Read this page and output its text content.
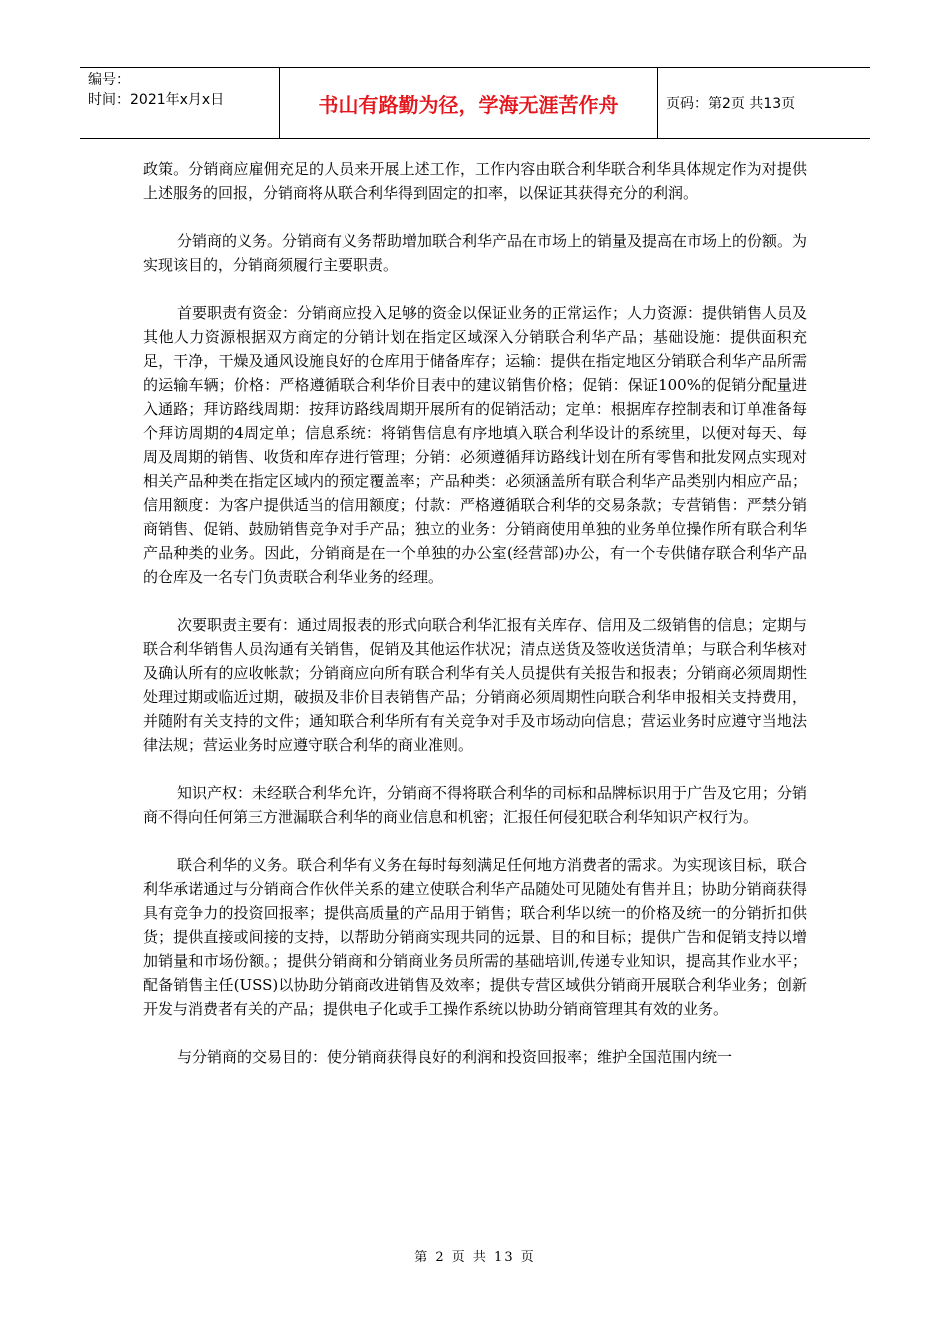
编号：
时间：2021年x月x日	书山有路勤为径，学海无涯苦作舟	页码：第2页 共13页

政策。分销商应雇佣充足的人员来开展上述工作，工作内容由联合利华联合利华具体规定作为对提供上述服务的回报，分销商将从联合利华得到固定的扣率，以保证其获得充分的利润。

分销商的义务。分销商有义务帮助增加联合利华产品在市场上的销量及提高在市场上的份额。为实现该目的，分销商须履行主要职责。

首要职责有资金：分销商应投入足够的资金以保证业务的正常运作；人力资源：提供销售人员及其他人力资源根据双方商定的分销计划在指定区域深入分销联合利华产品；基础设施：提供面积充足，干净，干燥及通风设施良好的仓库用于储备库存；运输：提供在指定地区分销联合利华产品所需的运输车辆；价格：严格遵循联合利华价目表中的建议销售价格；促销：保证100%的促销分配量进入通路；拜访路线周期：按拜访路线周期开展所有的促销活动；定单：根据库存控制表和订单准备每个拜访周期的4周定单；信息系统：将销售信息有序地填入联合利华设计的系统里，以便对每天、每周及周期的销售、收货和库存进行管理；分销：必须遵循拜访路线计划在所有零售和批发网点实现对相关产品种类在指定区域内的预定覆盖率；产品种类：必须涵盖所有联合利华产品类别内相应产品；信用额度：为客户提供适当的信用额度；付款：严格遵循联合利华的交易条款；专营销售：严禁分销商销售、促销、鼓励销售竞争对手产品；独立的业务：分销商使用单独的业务单位操作所有联合利华产品种类的业务。因此，分销商是在一个单独的办公室(经营部)办公，有一个专供储存联合利华产品的仓库及一名专门负责联合利华业务的经理。

次要职责主要有：通过周报表的形式向联合利华汇报有关库存、信用及二级销售的信息；定期与联合利华销售人员沟通有关销售，促销及其他运作状况；清点送货及签收送货清单；与联合利华核对及确认所有的应收帐款；分销商应向所有联合利华有关人员提供有关报告和报表；分销商必须周期性处理过期或临近过期，破损及非价目表销售产品；分销商必须周期性向联合利华申报相关支持费用，并随附有关支持的文件；通知联合利华所有有关竞争对手及市场动向信息；营运业务时应遵守当地法律法规；营运业务时应遵守联合利华的商业准则。

知识产权：未经联合利华允许，分销商不得将联合利华的司标和品牌标识用于广告及它用；分销商不得向任何第三方泄漏联合利华的商业信息和机密；汇报任何侵犯联合利华知识产权行为。

联合利华的义务。联合利华有义务在每时每刻满足任何地方消费者的需求。为实现该目标，联合利华承诺通过与分销商合作伙伴关系的建立使联合利华产品随处可见随处有售并且；协助分销商获得具有竞争力的投资回报率；提供高质量的产品用于销售；联合利华以统一的价格及统一的分销折扣供货；提供直接或间接的支持，以帮助分销商实现共同的远景、目的和目标；提供广告和促销支持以增加销量和市场份额。；提供分销商和分销商业务员所需的基础培训,传递专业知识，提高其作业水平；配备销售主任(USS)以协助分销商改进销售及效率；提供专营区域供分销商开展联合利华业务；创新开发与消费者有关的产品；提供电子化或手工操作系统以协助分销商管理其有效的业务。

与分销商的交易目的：使分销商获得良好的利润和投资回报率；维护全国范围内统一

第 2 页 共 13 页
